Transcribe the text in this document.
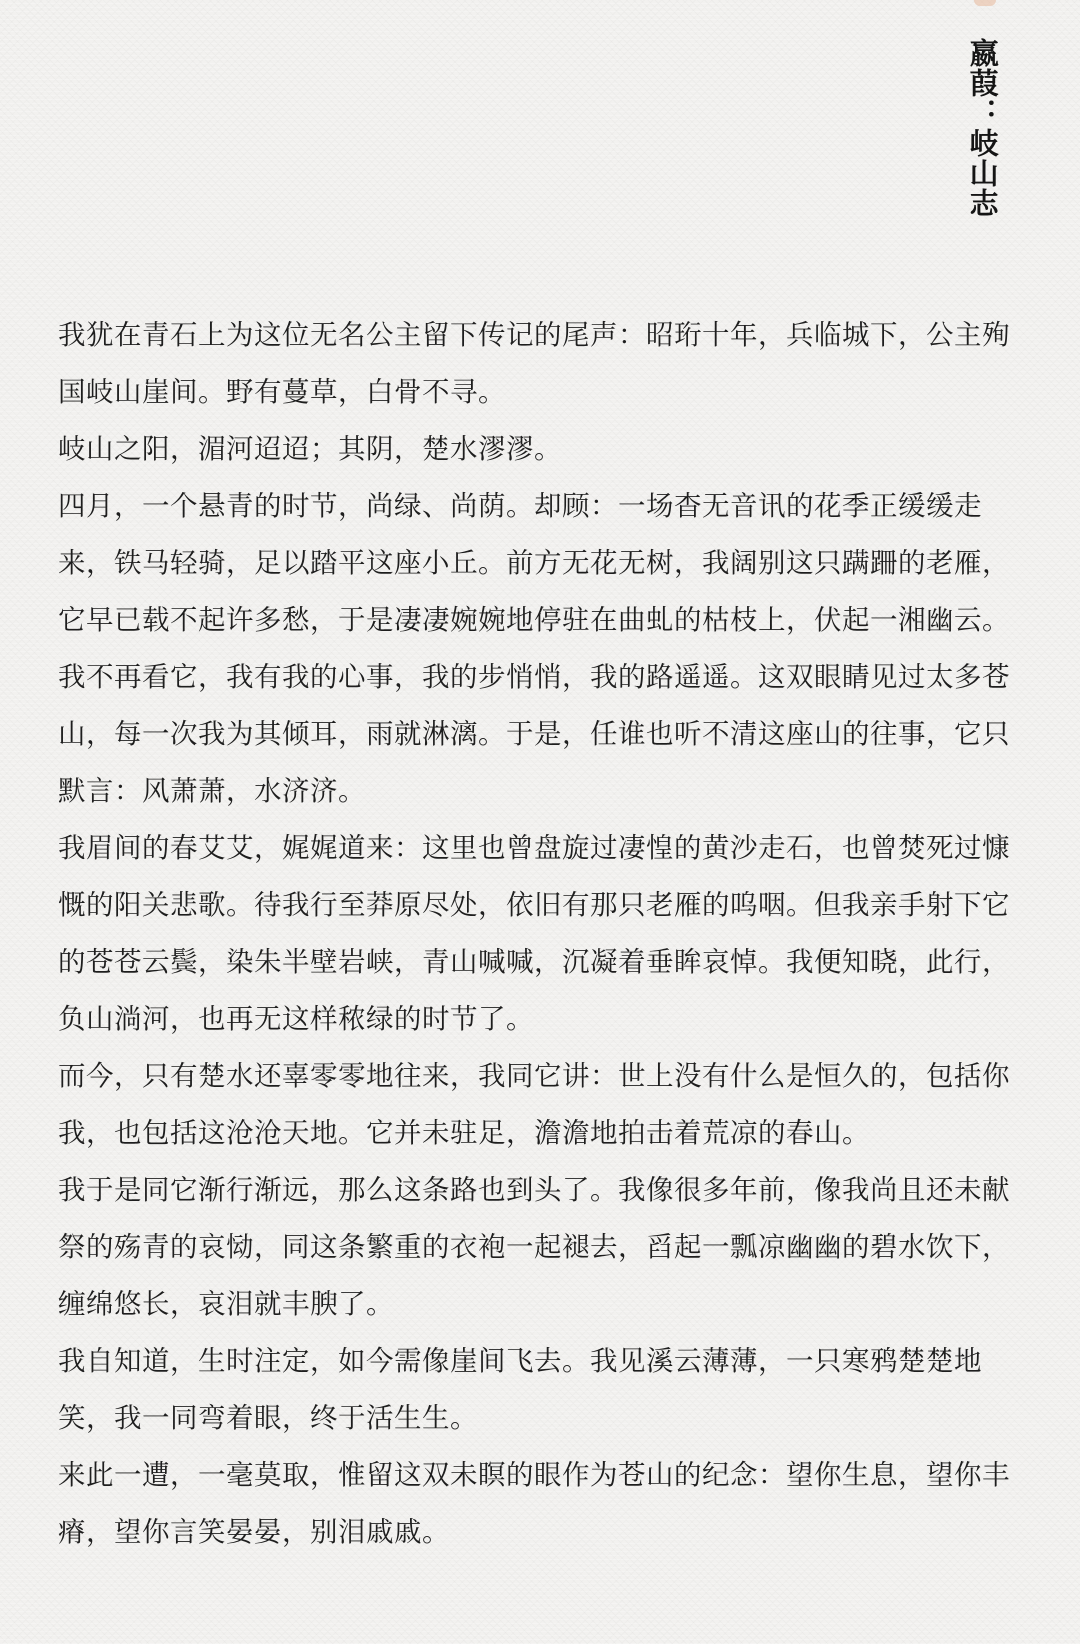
嬴葭：岐山志

我犹在青石上为这位无名公主留下传记的尾声：昭珩十年，兵临城下，公主殉国岐山崖间。野有蔓草，白骨不寻。

岐山之阳，湄河迢迢；其阴，楚水漻漻。

四月，一个悬青的时节，尚绿、尚荫。却顾：一场杳无音讯的花季正缓缓走来，铁马轻骑，足以踏平这座小丘。前方无花无树，我阔别这只蹒跚的老雁，它早已载不起许多愁，于是凄凄婉婉地停驻在曲虬的枯枝上，伏起一湘幽云。

我不再看它，我有我的心事，我的步悄悄，我的路遥遥。这双眼睛见过太多苍山，每一次我为其倾耳，雨就淋漓。于是，任谁也听不清这座山的往事，它只默言：风萧萧，水济济。

我眉间的春艾艾，娓娓道来：这里也曾盘旋过凄惶的黄沙走石，也曾焚死过慷慨的阳关悲歌。待我行至莽原尽处，依旧有那只老雁的呜咽。但我亲手射下它的苍苍云鬓，染朱半壁岩峡，青山喊喊，沉凝着垂眸哀悼。我便知晓，此行，负山淌河，也再无这样秾绿的时节了。

而今，只有楚水还辜零零地往来，我同它讲：世上没有什么是恒久的，包括你我，也包括这沧沧天地。它并未驻足，澹澹地拍击着荒凉的春山。

我于是同它渐行渐远，那么这条路也到头了。我像很多年前，像我尚且还未献祭的殇青的哀恸，同这条繁重的衣袍一起褪去，舀起一瓢凉幽幽的碧水饮下，缠绵悠长，哀泪就丰腴了。

我自知道，生时注定，如今需像崖间飞去。我见溪云薄薄，一只寒鸦楚楚地笑，我一同弯着眼，终于活生生。

来此一遭，一毫莫取，惟留这双未瞑的眼作为苍山的纪念：望你生息，望你丰瘠，望你言笑晏晏，别泪戚戚。
